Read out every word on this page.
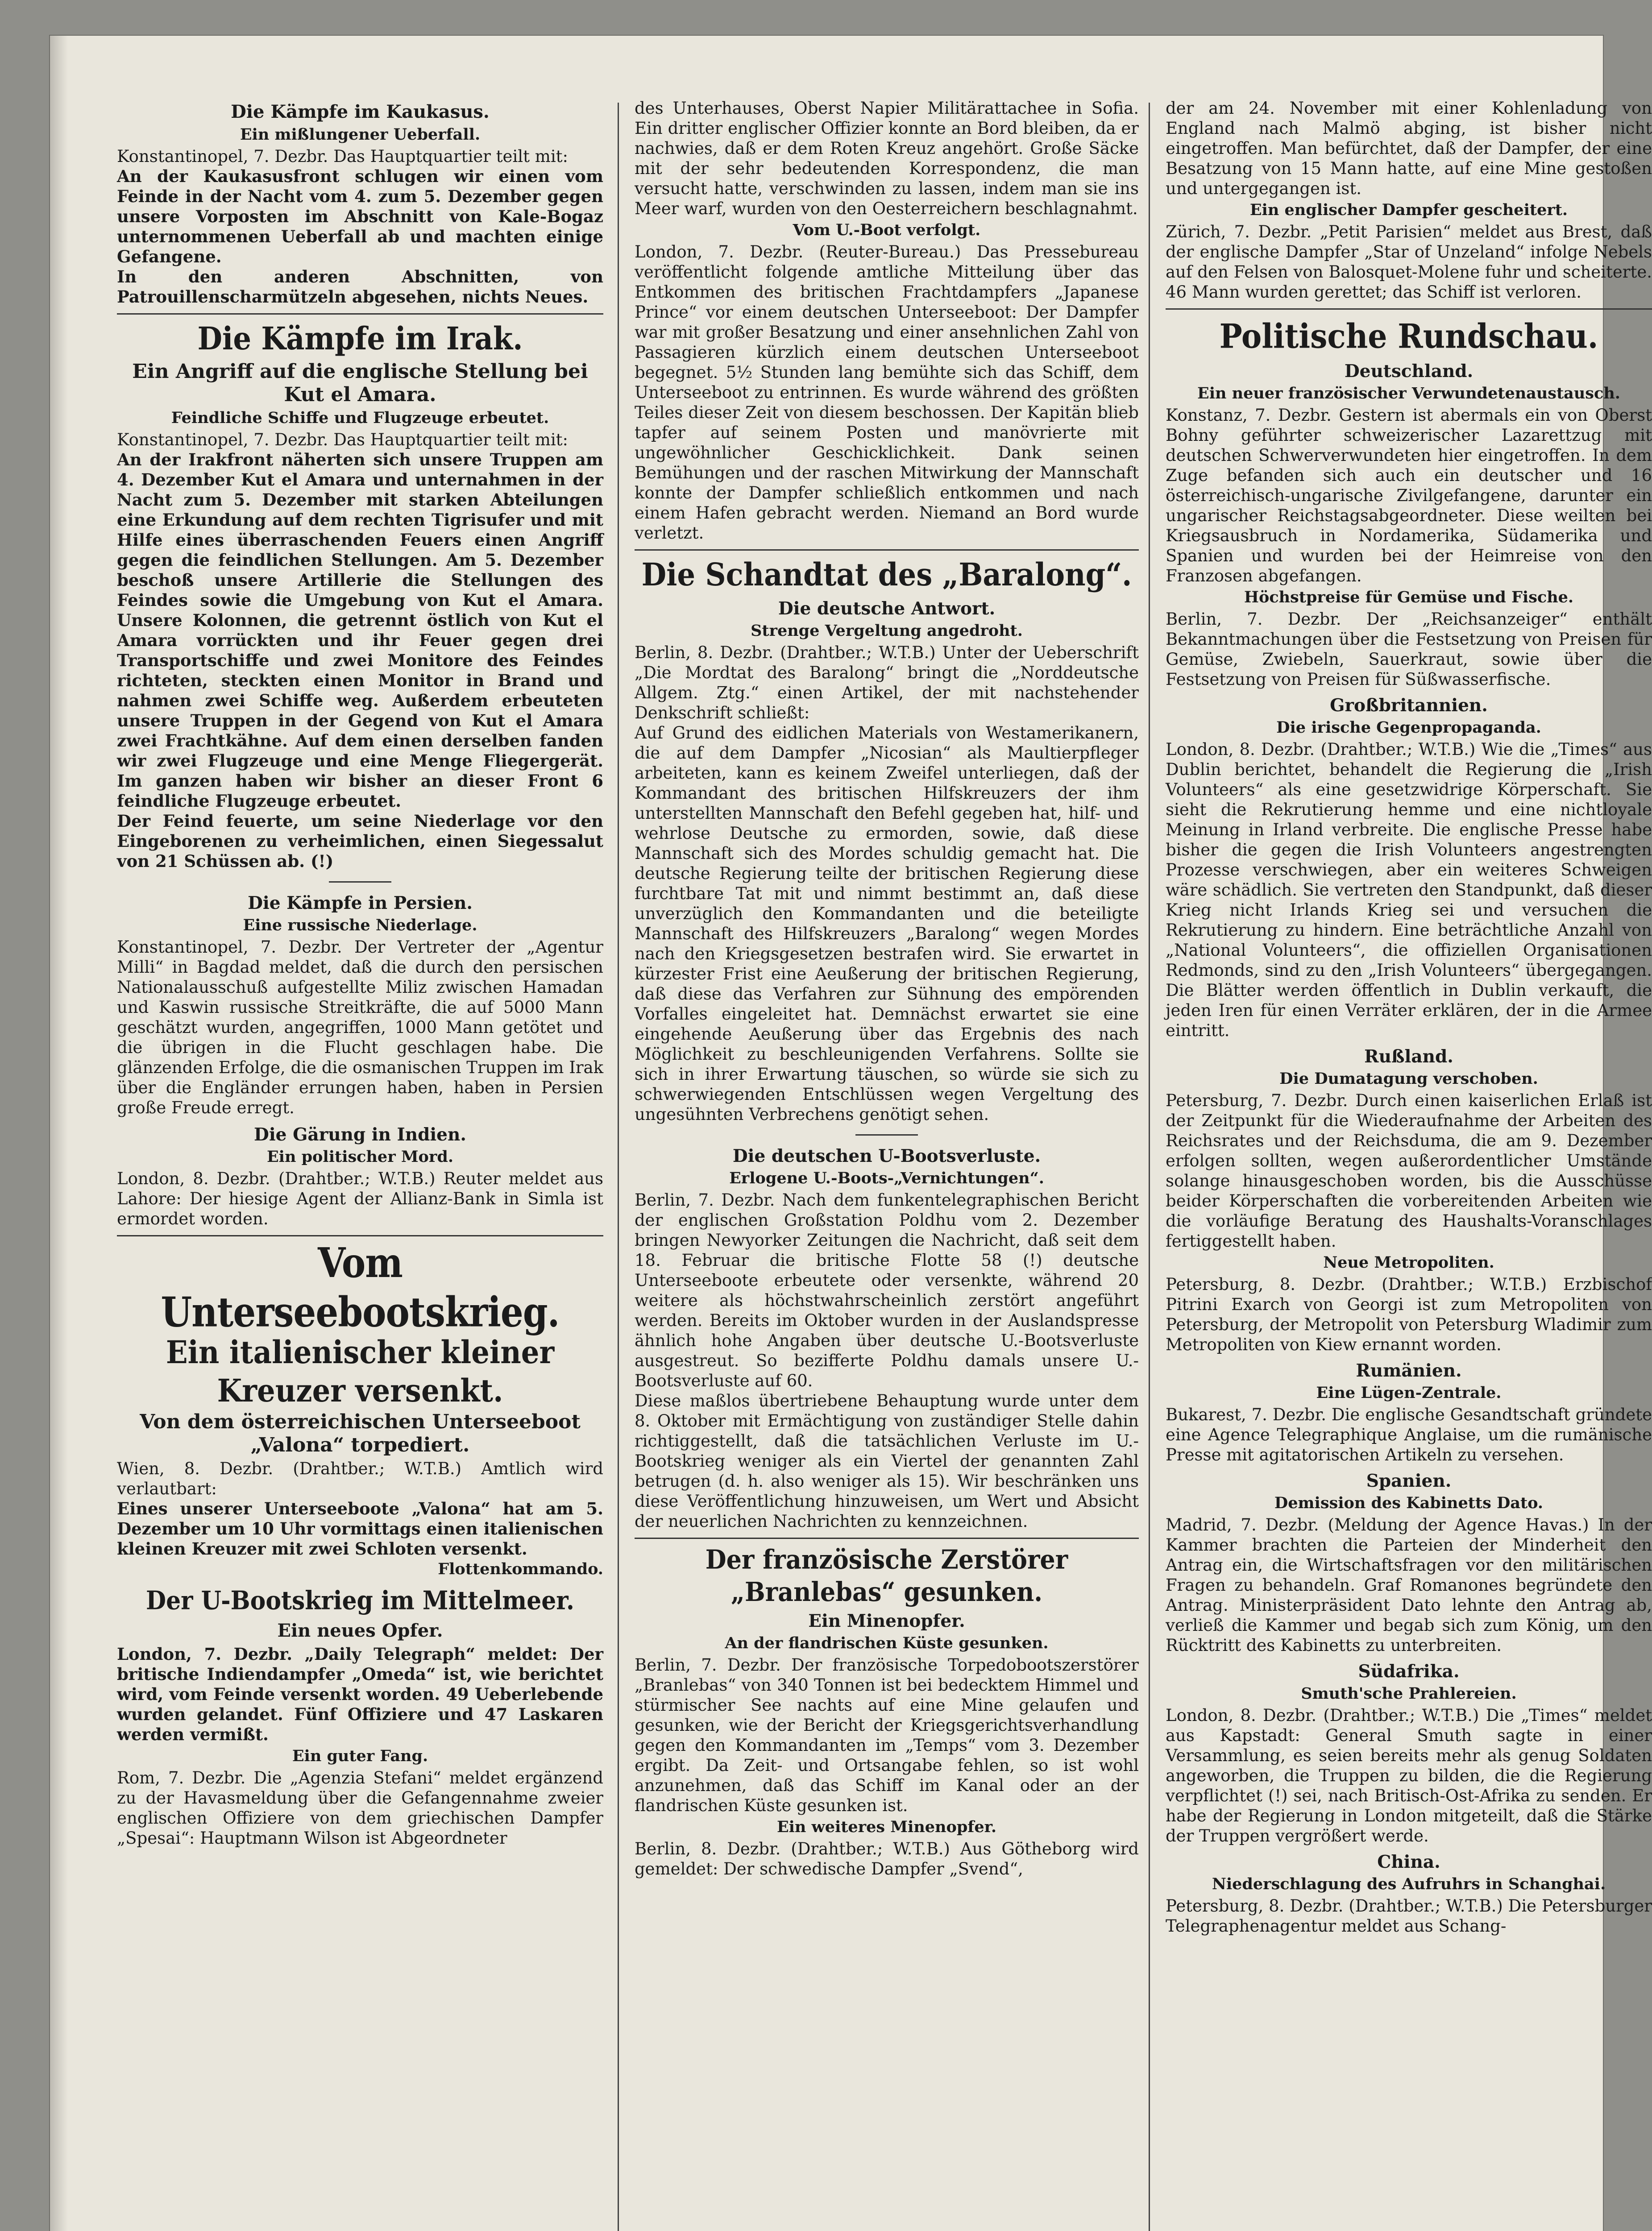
Die Kämpfe im Kaukasus.
Ein mißlungener Ueberfall.

Konstantinopel, 7. Dezbr. Das Hauptquartier teilt mit:

An der Kaukasusfront schlugen wir einen vom Feinde in der Nacht vom 4. zum 5. Dezember gegen unsere Vorposten im Abschnitt von Kale-Bogaz unternommenen Ueberfall ab und machten einige Gefangene.

In den anderen Abschnitten, von Patrouillenscharmützeln abgesehen, nichts Neues.

Die Kämpfe im Irak.
Ein Angriff auf die englische Stellung bei Kut el Amara.
Feindliche Schiffe und Flugzeuge erbeutet.

Konstantinopel, 7. Dezbr. Das Hauptquartier teilt mit:

An der Irakfront näherten sich unsere Truppen am 4. Dezember Kut el Amara und unternahmen in der Nacht zum 5. Dezember mit starken Abteilungen eine Erkundung auf dem rechten Tigrisufer und mit Hilfe eines überraschenden Feuers einen Angriff gegen die feindlichen Stellungen. Am 5. Dezember beschoß unsere Artillerie die Stellungen des Feindes sowie die Umgebung von Kut el Amara. Unsere Kolonnen, die getrennt östlich von Kut el Amara vorrückten und ihr Feuer gegen drei Transportschiffe und zwei Monitore des Feindes richteten, steckten einen Monitor in Brand und nahmen zwei Schiffe weg. Außerdem erbeuteten unsere Truppen in der Gegend von Kut el Amara zwei Frachtkähne. Auf dem einen derselben fanden wir zwei Flugzeuge und eine Menge Fliegergerät. Im ganzen haben wir bisher an dieser Front 6 feindliche Flugzeuge erbeutet.

Der Feind feuerte, um seine Niederlage vor den Eingeborenen zu verheimlichen, einen Siegessalut von 21 Schüssen ab. (!)

Die Kämpfe in Persien.
Eine russische Niederlage.

Konstantinopel, 7. Dezbr. Der Vertreter der „Agentur Milli“ in Bagdad meldet, daß die durch den persischen Nationalausschuß aufgestellte Miliz zwischen Hamadan und Kaswin russische Streitkräfte, die auf 5000 Mann geschätzt wurden, angegriffen, 1000 Mann getötet und die übrigen in die Flucht geschlagen habe. Die glänzenden Erfolge, die die osmanischen Truppen im Irak über die Engländer errungen haben, haben in Persien große Freude erregt.

Die Gärung in Indien.
Ein politischer Mord.

London, 8. Dezbr. (Drahtber.; W.T.B.) Reuter meldet aus Lahore: Der hiesige Agent der Allianz-Bank in Simla ist ermordet worden.

Vom Unterseebootskrieg.
Ein italienischer kleiner Kreuzer versenkt.
Von dem österreichischen Unterseeboot „Valona“ torpediert.

Wien, 8. Dezbr. (Drahtber.; W.T.B.) Amtlich wird verlautbart:

Eines unserer Unterseeboote „Valona“ hat am 5. Dezember um 10 Uhr vormittags einen italienischen kleinen Kreuzer mit zwei Schloten versenkt.

Flottenkommando.
Der U-Bootskrieg im Mittelmeer.
Ein neues Opfer.

London, 7. Dezbr. „Daily Telegraph“ meldet: Der britische Indiendampfer „Omeda“ ist, wie berichtet wird, vom Feinde versenkt worden. 49 Ueberlebende wurden gelandet. Fünf Offiziere und 47 Laskaren werden vermißt.

Ein guter Fang.

Rom, 7. Dezbr. Die „Agenzia Stefani“ meldet ergänzend zu der Havasmeldung über die Gefangennahme zweier englischen Offiziere von dem griechischen Dampfer „Spesai“: Hauptmann Wilson ist Abgeordneter

des Unterhauses, Oberst Napier Militärattachee in Sofia. Ein dritter englischer Offizier konnte an Bord bleiben, da er nachwies, daß er dem Roten Kreuz angehört. Große Säcke mit der sehr bedeutenden Korrespondenz, die man versucht hatte, verschwinden zu lassen, indem man sie ins Meer warf, wurden von den Oesterreichern beschlagnahmt.

Vom U.-Boot verfolgt.

London, 7. Dezbr. (Reuter-Bureau.) Das Pressebureau veröffentlicht folgende amtliche Mitteilung über das Entkommen des britischen Frachtdampfers „Japanese Prince“ vor einem deutschen Unterseeboot: Der Dampfer war mit großer Besatzung und einer ansehnlichen Zahl von Passagieren kürzlich einem deutschen Unterseeboot begegnet. 5½ Stunden lang bemühte sich das Schiff, dem Unterseeboot zu entrinnen. Es wurde während des größten Teiles dieser Zeit von diesem beschossen. Der Kapitän blieb tapfer auf seinem Posten und manövrierte mit ungewöhnlicher Geschicklichkeit. Dank seinen Bemühungen und der raschen Mitwirkung der Mannschaft konnte der Dampfer schließlich entkommen und nach einem Hafen gebracht werden. Niemand an Bord wurde verletzt.

Die Schandtat des „Baralong“.
Die deutsche Antwort.
Strenge Vergeltung angedroht.

Berlin, 8. Dezbr. (Drahtber.; W.T.B.) Unter der Ueberschrift „Die Mordtat des Baralong“ bringt die „Norddeutsche Allgem. Ztg.“ einen Artikel, der mit nachstehender Denkschrift schließt:

Auf Grund des eidlichen Materials von Westamerikanern, die auf dem Dampfer „Nicosian“ als Maultierpfleger arbeiteten, kann es keinem Zweifel unterliegen, daß der Kommandant des britischen Hilfskreuzers der ihm unterstellten Mannschaft den Befehl gegeben hat, hilf- und wehrlose Deutsche zu ermorden, sowie, daß diese Mannschaft sich des Mordes schuldig gemacht hat. Die deutsche Regierung teilte der britischen Regierung diese furchtbare Tat mit und nimmt bestimmt an, daß diese unverzüglich den Kommandanten und die beteiligte Mannschaft des Hilfskreuzers „Baralong“ wegen Mordes nach den Kriegsgesetzen bestrafen wird. Sie erwartet in kürzester Frist eine Aeußerung der britischen Regierung, daß diese das Verfahren zur Sühnung des empörenden Vorfalles eingeleitet hat. Demnächst erwartet sie eine eingehende Aeußerung über das Ergebnis des nach Möglichkeit zu beschleunigenden Verfahrens. Sollte sie sich in ihrer Erwartung täuschen, so würde sie sich zu schwerwiegenden Entschlüssen wegen Vergeltung des ungesühnten Verbrechens genötigt sehen.

Die deutschen U-Bootsverluste.
Erlogene U.-Boots-„Vernichtungen“.

Berlin, 7. Dezbr. Nach dem funkentelegraphischen Bericht der englischen Großstation Poldhu vom 2. Dezember bringen Newyorker Zeitungen die Nachricht, daß seit dem 18. Februar die britische Flotte 58 (!) deutsche Unterseeboote erbeutete oder versenkte, während 20 weitere als höchstwahrscheinlich zerstört angeführt werden. Bereits im Oktober wurden in der Auslandspresse ähnlich hohe Angaben über deutsche U.-Bootsverluste ausgestreut. So bezifferte Poldhu damals unsere U.-Bootsverluste auf 60.

Diese maßlos übertriebene Behauptung wurde unter dem 8. Oktober mit Ermächtigung von zuständiger Stelle dahin richtiggestellt, daß die tatsächlichen Verluste im U.-Bootskrieg weniger als ein Viertel der genannten Zahl betrugen (d. h. also weniger als 15). Wir beschränken uns diese Veröffentlichung hinzuweisen, um Wert und Absicht der neuerlichen Nachrichten zu kennzeichnen.

Der französische Zerstörer „Branlebas“ gesunken.
Ein Minenopfer.
An der flandrischen Küste gesunken.

Berlin, 7. Dezbr. Der französische Torpedobootszerstörer „Branlebas“ von 340 Tonnen ist bei bedecktem Himmel und stürmischer See nachts auf eine Mine gelaufen und gesunken, wie der Bericht der Kriegsgerichtsverhandlung gegen den Kommandanten im „Temps“ vom 3. Dezember ergibt. Da Zeit- und Ortsangabe fehlen, so ist wohl anzunehmen, daß das Schiff im Kanal oder an der flandrischen Küste gesunken ist.

Ein weiteres Minenopfer.

Berlin, 8. Dezbr. (Drahtber.; W.T.B.) Aus Götheborg wird gemeldet: Der schwedische Dampfer „Svend“,

der am 24. November mit einer Kohlenladung von England nach Malmö abging, ist bisher nicht eingetroffen. Man befürchtet, daß der Dampfer, der eine Besatzung von 15 Mann hatte, auf eine Mine gestoßen und untergegangen ist.

Ein englischer Dampfer gescheitert.

Zürich, 7. Dezbr. „Petit Parisien“ meldet aus Brest, daß der englische Dampfer „Star of Unzeland“ infolge Nebels auf den Felsen von Balosquet-Molene fuhr und scheiterte. 46 Mann wurden gerettet; das Schiff ist verloren.

Politische Rundschau.
Deutschland.
Ein neuer französischer Verwundetenaustausch.

Konstanz, 7. Dezbr. Gestern ist abermals ein von Oberst Bohny geführter schweizerischer Lazarettzug mit deutschen Schwerverwundeten hier eingetroffen. In dem Zuge befanden sich auch ein deutscher und 16 österreichisch-ungarische Zivilgefangene, darunter ein ungarischer Reichstagsabgeordneter. Diese weilten bei Kriegsausbruch in Nordamerika, Südamerika und Spanien und wurden bei der Heimreise von den Franzosen abgefangen.

Höchstpreise für Gemüse und Fische.

Berlin, 7. Dezbr. Der „Reichsanzeiger“ enthält Bekanntmachungen über die Festsetzung von Preisen für Gemüse, Zwiebeln, Sauerkraut, sowie über die Festsetzung von Preisen für Süßwasserfische.

Großbritannien.
Die irische Gegenpropaganda.

London, 8. Dezbr. (Drahtber.; W.T.B.) Wie die „Times“ aus Dublin berichtet, behandelt die Regierung die „Irish Volunteers“ als eine gesetzwidrige Körperschaft. Sie sieht die Rekrutierung hemme und eine nichtloyale Meinung in Irland verbreite. Die englische Presse habe bisher die gegen die Irish Volunteers angestrengten Prozesse verschwiegen, aber ein weiteres Schweigen wäre schädlich. Sie vertreten den Standpunkt, daß dieser Krieg nicht Irlands Krieg sei und versuchen die Rekrutierung zu hindern. Eine beträchtliche Anzahl von „National Volunteers“, die offiziellen Organisationen Redmonds, sind zu den „Irish Volunteers“ übergegangen. Die Blätter werden öffentlich in Dublin verkauft, die jeden Iren für einen Verräter erklären, der in die Armee eintritt.

Rußland.
Die Dumatagung verschoben.

Petersburg, 7. Dezbr. Durch einen kaiserlichen Erlaß ist der Zeitpunkt für die Wiederaufnahme der Arbeiten des Reichsrates und der Reichsduma, die am 9. Dezember erfolgen sollten, wegen außerordentlicher Umstände solange hinausgeschoben worden, bis die Ausschüsse beider Körperschaften die vorbereitenden Arbeiten wie die vorläufige Beratung des Haushalts-Voranschlages fertiggestellt haben.

Neue Metropoliten.

Petersburg, 8. Dezbr. (Drahtber.; W.T.B.) Erzbischof Pitrini Exarch von Georgi ist zum Metropoliten von Petersburg, der Metropolit von Petersburg Wladimir zum Metropoliten von Kiew ernannt worden.

Rumänien.
Eine Lügen-Zentrale.

Bukarest, 7. Dezbr. Die englische Gesandtschaft gründete eine Agence Telegraphique Anglaise, um die rumänische Presse mit agitatorischen Artikeln zu versehen.

Spanien.
Demission des Kabinetts Dato.

Madrid, 7. Dezbr. (Meldung der Agence Havas.) In der Kammer brachten die Parteien der Minderheit den Antrag ein, die Wirtschaftsfragen vor den militärischen Fragen zu behandeln. Graf Romanones begründete den Antrag. Ministerpräsident Dato lehnte den Antrag ab, verließ die Kammer und begab sich zum König, um den Rücktritt des Kabinetts zu unterbreiten.

Südafrika.
Smuth'sche Prahlereien.

London, 8. Dezbr. (Drahtber.; W.T.B.) Die „Times“ meldet aus Kapstadt: General Smuth sagte in einer Versammlung, es seien bereits mehr als genug Soldaten angeworben, die Truppen zu bilden, die die Regierung verpflichtet (!) sei, nach Britisch-Ost-Afrika zu senden. Er habe der Regierung in London mitgeteilt, daß die Stärke der Truppen vergrößert werde.

China.
Niederschlagung des Aufruhrs in Schanghai.

Petersburg, 8. Dezbr. (Drahtber.; W.T.B.) Die Petersburger Telegraphenagentur meldet aus Schang-
